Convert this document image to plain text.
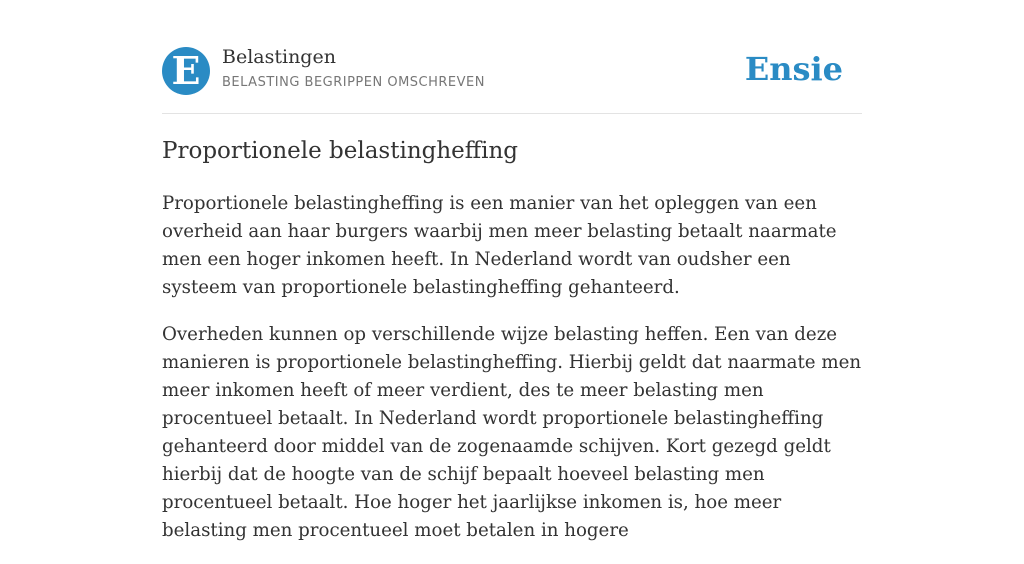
E	Belastingen
BELASTING BEGRIPPEN OMSCHREVEN	Ensie
Proportionele belastingheffing

Proportionele belastingheffing is een manier van het opleggen van een overheid aan haar burgers waarbij men meer belasting betaalt naarmate men een hoger inkomen heeft. In Nederland wordt van oudsher een systeem van proportionele belastingheffing gehanteerd.

Overheden kunnen op verschillende wijze belasting heffen. Een van deze manieren is proportionele belastingheffing. Hierbij geldt dat naarmate men meer inkomen heeft of meer verdient, des te meer belasting men procentueel betaalt. In Nederland wordt proportionele belastingheffing gehanteerd door middel van de zogenaamde schijven. Kort gezegd geldt hierbij dat de hoogte van de schijf bepaalt hoeveel belasting men procentueel betaalt. Hoe hoger het jaarlijkse inkomen is, hoe meer belasting men procentueel moet betalen in hogere
